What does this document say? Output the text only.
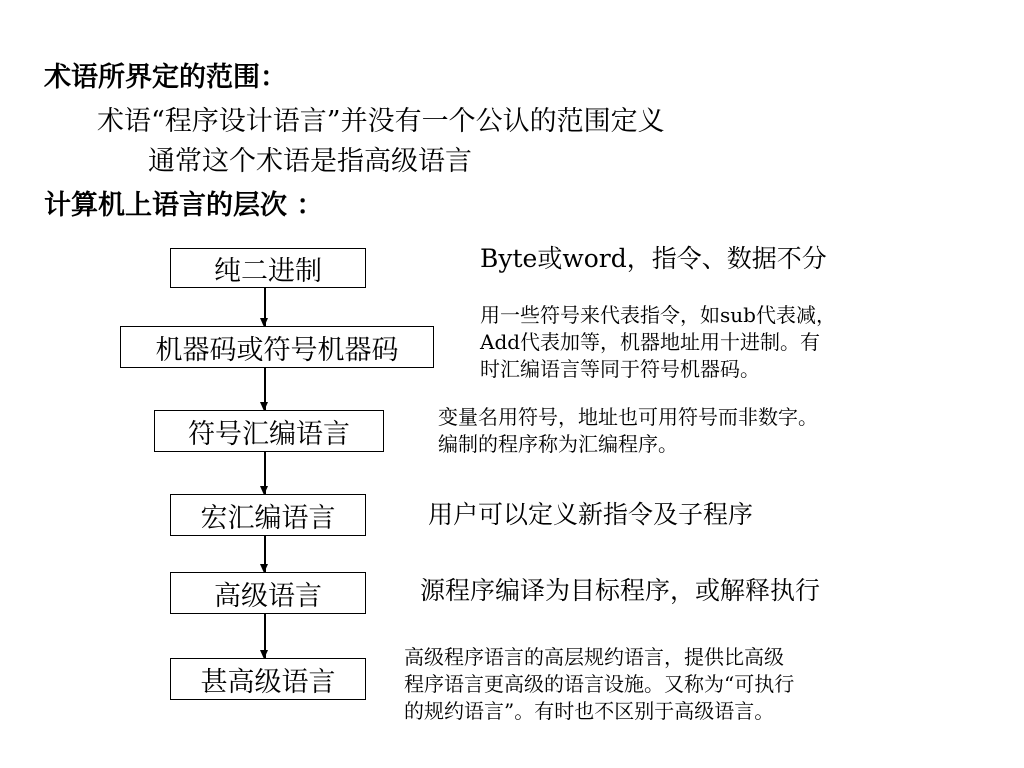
术语所界定的范围：
术语“程序设计语言”并没有一个公认的范围定义
通常这个术语是指高级语言
计算机上语言的层次 ：
纯二进制
机器码或符号机器码
符号汇编语言
宏汇编语言
高级语言
甚高级语言
Byte或word，指令、数据不分
用一些符号来代表指令，如sub代表减，
Add代表加等，机器地址用十进制。有
时汇编语言等同于符号机器码。
变量名用符号，地址也可用符号而非数字。
编制的程序称为汇编程序。
用户可以定义新指令及子程序
源程序编译为目标程序，或解释执行
高级程序语言的高层规约语言，提供比高级
程序语言更高级的语言设施。又称为“可执行
的规约语言”。有时也不区别于高级语言。
